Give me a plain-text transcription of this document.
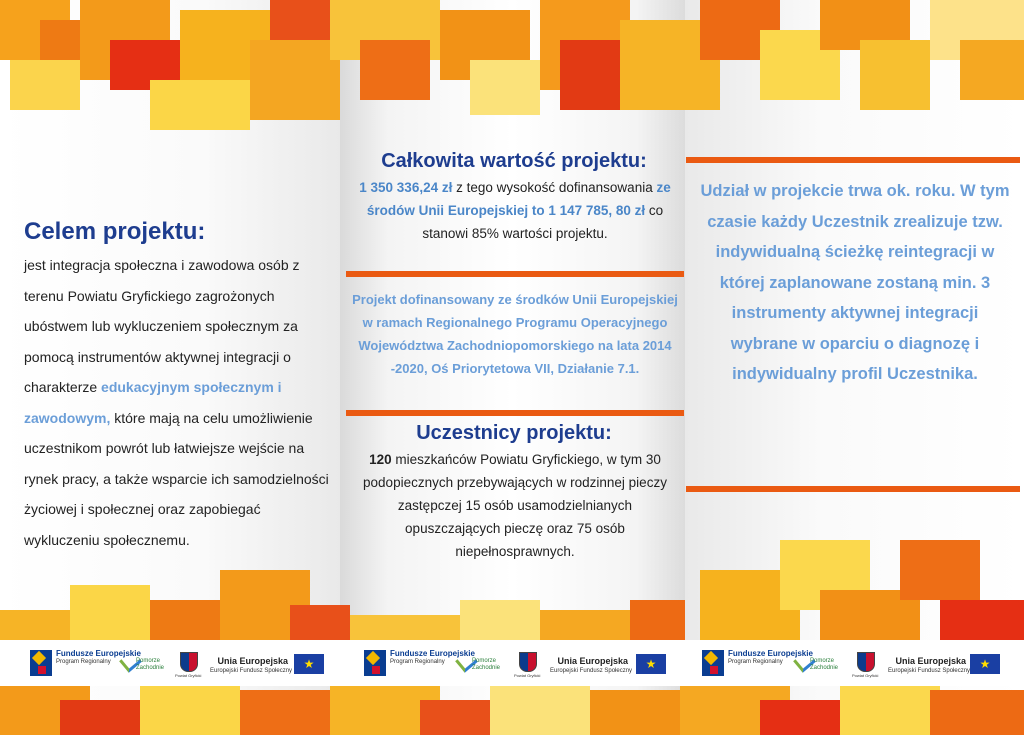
Celem projektu:
jest integracja społeczna i zawodowa osób z terenu Powiatu Gryfickiego zagrożonych ubóstwem lub wykluczeniem społecznym za pomocą instrumentów aktywnej integracji o charakterze edukacyjnym społecznym i zawodowym, które mają na celu umożliwienie uczestnikom powrót lub łatwiejsze wejście na rynek pracy, a także wsparcie ich samodzielności życiowej i społecznej oraz zapobiegać wykluczeniu społecznemu.
Całkowita wartość projektu:
1 350 336,24 zł z tego wysokość dofinansowania ze środów Unii Europejskiej to 1 147 785, 80 zł co stanowi 85% wartości projektu.
Projekt dofinansowany ze środków Unii Europejskiej w ramach Regionalnego Programu Operacyjnego Województwa Zachodniopomorskiego na lata 2014 -2020, Oś Priorytetowa VII, Działanie 7.1.
Uczestnicy projektu:
120 mieszkańców Powiatu Gryfickiego, w tym 30 podopiecznych przebywających w rodzinnej pieczy zastępczej 15 osób usamodzielnianych opuszczających pieczę oraz 75 osób niepełnosprawnych.
Udział w projekcie trwa ok. roku. W tym czasie każdy Uczestnik zrealizuje tzw. indywidualną ścieżkę reintegracji w której zaplanowane zostaną min. 3 instrumenty aktywnej integracji wybrane w oparciu o diagnozę i indywidualny profil Uczestnika.
Fundusze Europejskie
Program Regionalny	Pomorze Zachodnie
Powiat Gryficki
Unia Europejska
Europejski Fundusz Społeczny ★
Fundusze Europejskie
Program Regionalny	Pomorze Zachodnie
Powiat Gryficki
Unia Europejska
Europejski Fundusz Społeczny ★
Fundusze Europejskie
Program Regionalny	Pomorze Zachodnie
Powiat Gryficki
Unia Europejska
Europejski Fundusz Społeczny ★
